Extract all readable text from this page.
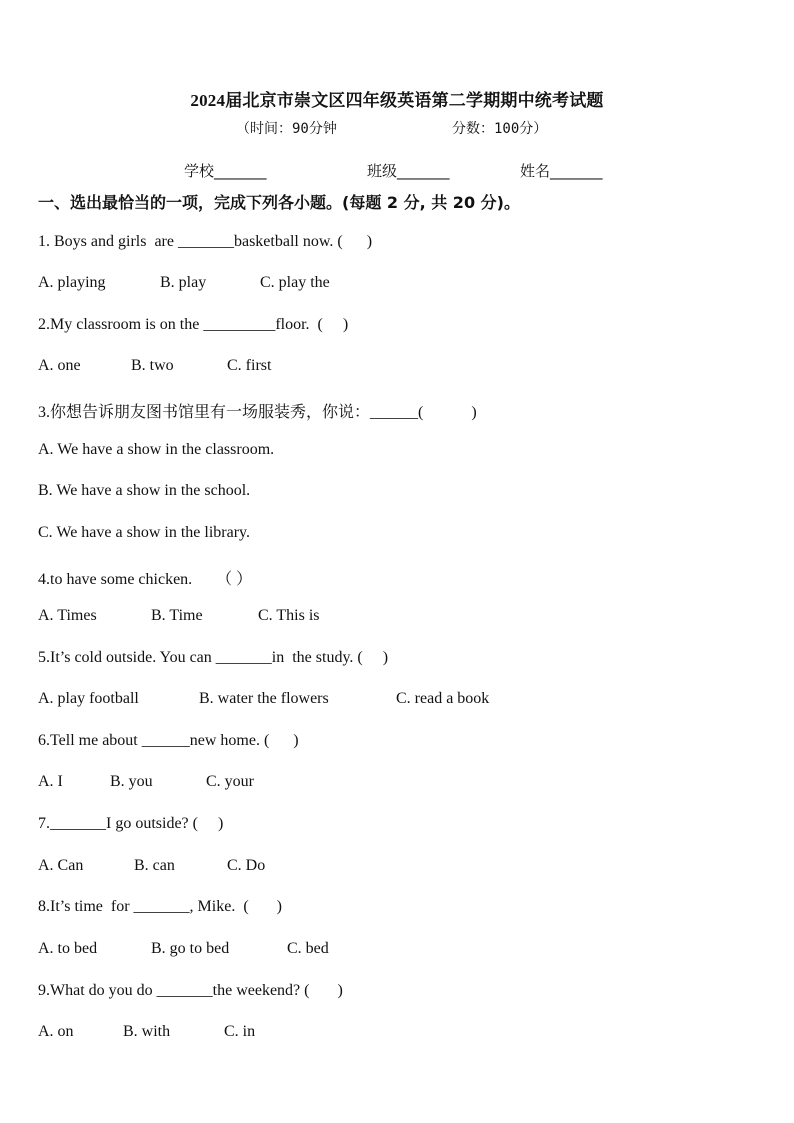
2024届北京市崇文区四年级英语第二学期期中统考试题
（时间：90分钟	分数：100分）
学校_______	班级_______	姓名_______
一、选出最恰当的一项，完成下列各小题。(每题 2 分, 共 20 分)。
1. Boys and girls  are _______basketball now. (      )
A. playing	B. play	C. play the
2.My classroom is on the _________floor.  (     )
A. one	B. two	C. first
3.你想告诉朋友图书馆里有一场服装秀，你说：______(            )
A. We have a show in the classroom.
B. We have a show in the school.
C. We have a show in the library.
4.to have some chicken.      （ ）
A. Times	B. Time	C. This is
5.It’s cold outside. You can _______in  the study. (     )
A. play football	B. water the flowers	C. read a book
6.Tell me about ______new home. (      )
A. I	B. you	C. your
7._______I go outside? (     )
A. Can	B. can	C. Do
8.It’s time  for _______, Mike.  (       )
A. to bed	B. go to bed	C. bed
9.What do you do _______the weekend? (       )
A. on	B. with	C. in
